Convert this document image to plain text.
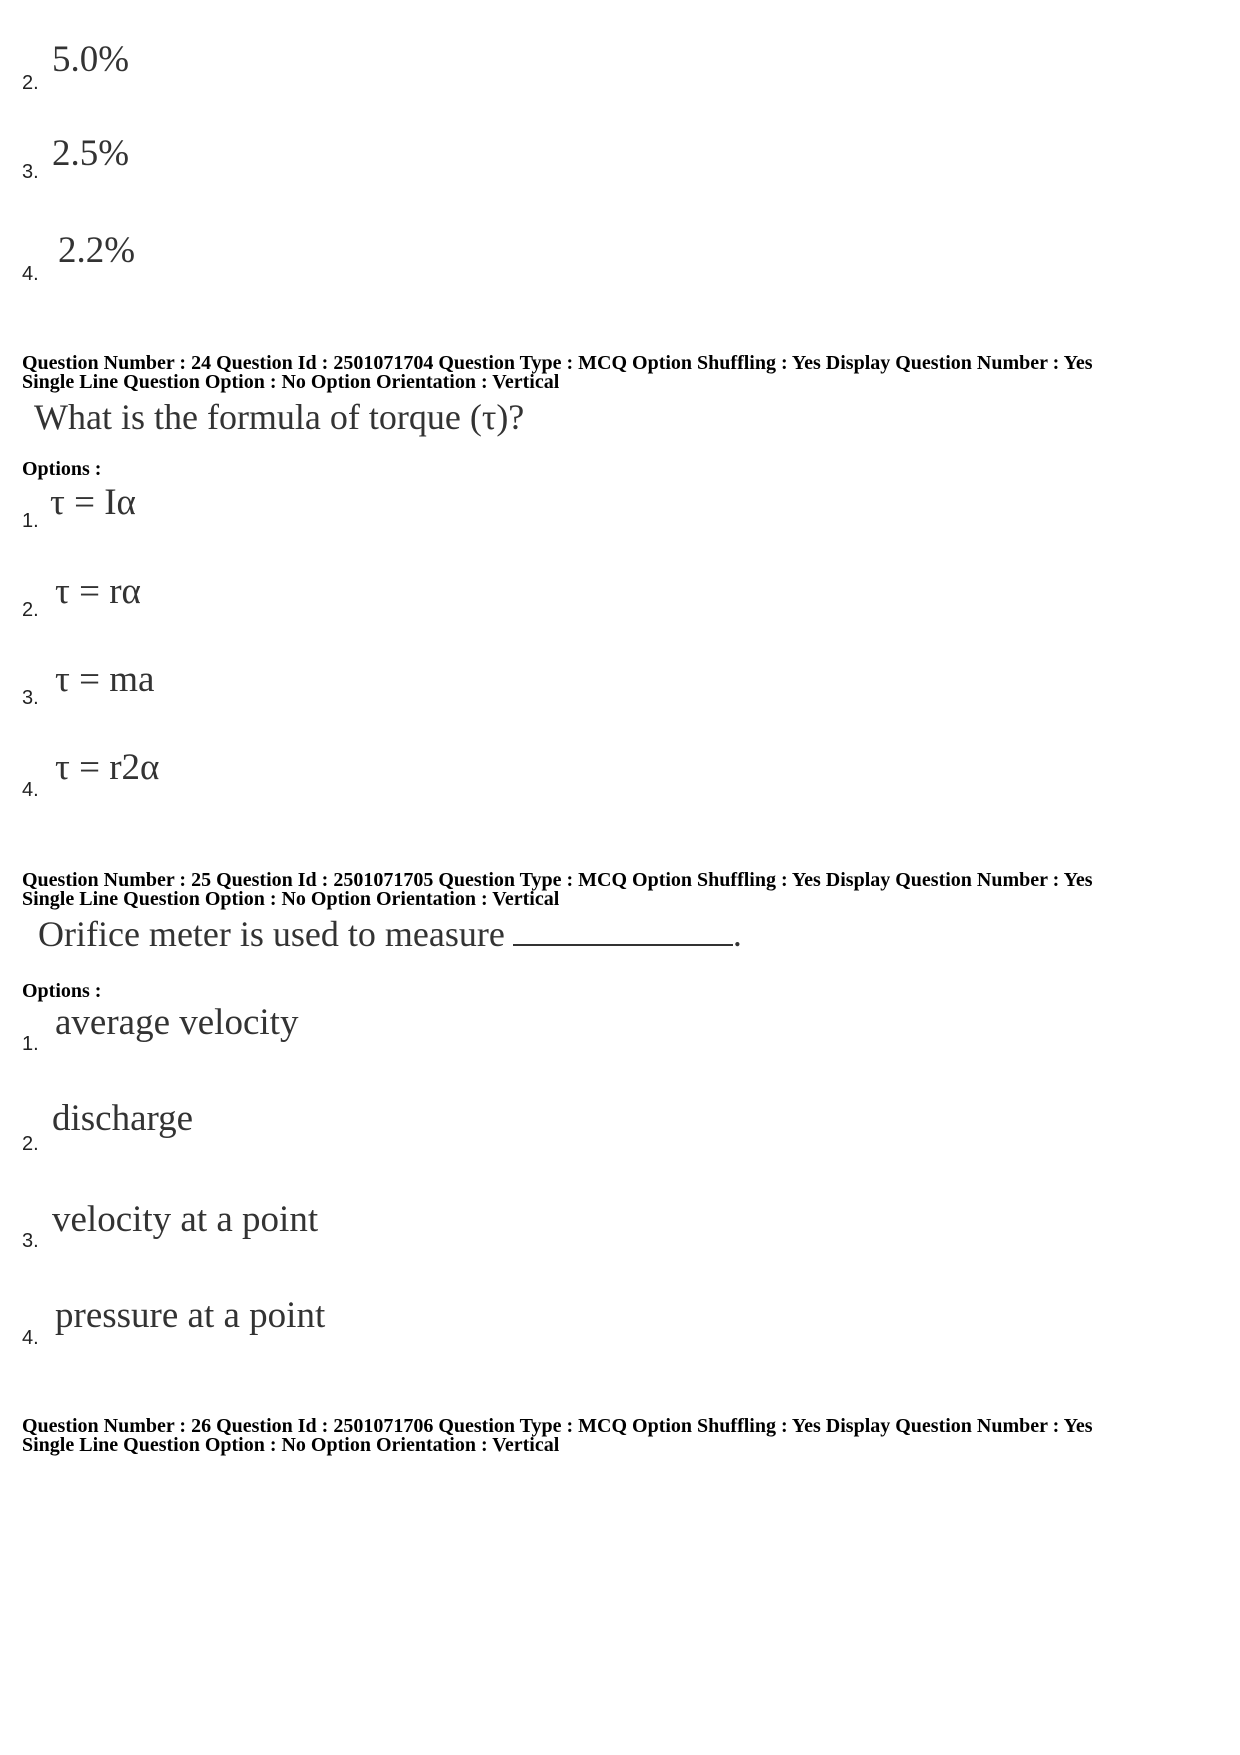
5.0%
2.
2.5%
3.
2.2%
4.
Question Number : 24 Question Id : 2501071704 Question Type : MCQ Option Shuffling : Yes Display Question Number : Yes
Single Line Question Option : No Option Orientation : Vertical
What is the formula of torque (τ)?
Options :
τ = Iα
1.
τ = rα
2.
τ = ma
3.
τ = r2α
4.
Question Number : 25 Question Id : 2501071705 Question Type : MCQ Option Shuffling : Yes Display Question Number : Yes
Single Line Question Option : No Option Orientation : Vertical
Orifice meter is used to measure	.
Options :
average velocity
1.
discharge
2.
velocity at a point
3.
pressure at a point
4.
Question Number : 26 Question Id : 2501071706 Question Type : MCQ Option Shuffling : Yes Display Question Number : Yes
Single Line Question Option : No Option Orientation : Vertical
